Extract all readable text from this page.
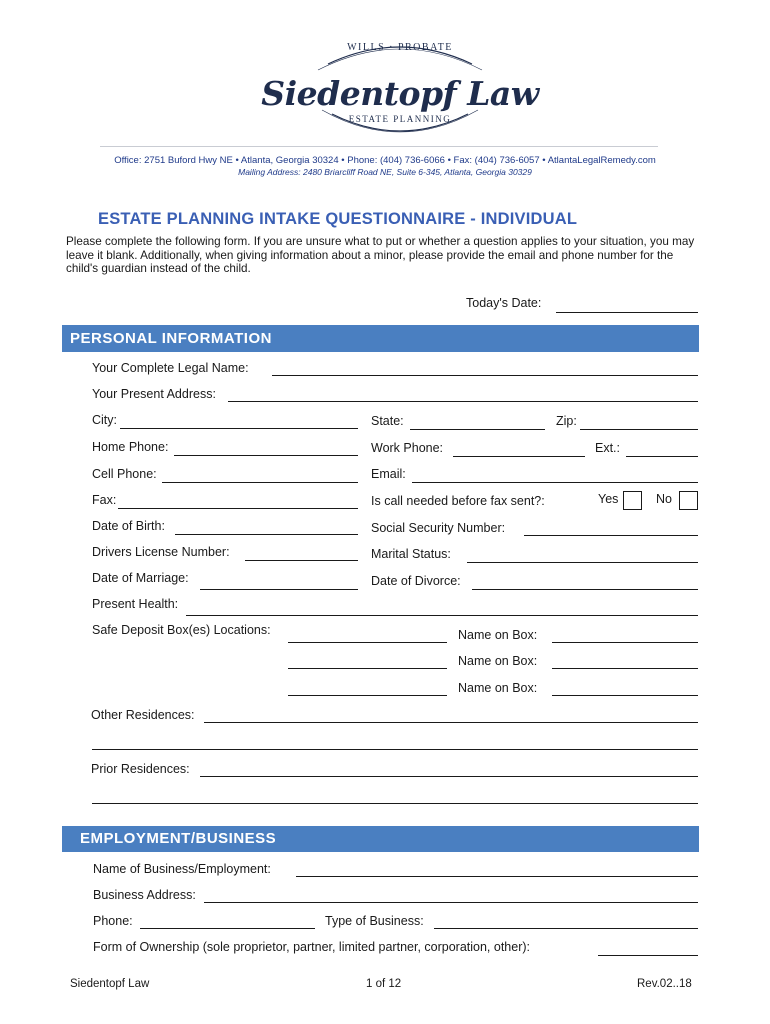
WILLS · PROBATE
Siedentopf Law
ESTATE PLANNING
Office: 2751 Buford Hwy NE • Atlanta, Georgia 30324 • Phone: (404) 736-6066 • Fax: (404) 736-6057 • AtlantaLegalRemedy.com
Mailing Address: 2480 Briarcliff Road NE, Suite 6-345, Atlanta, Georgia 30329
ESTATE PLANNING INTAKE QUESTIONNAIRE - INDIVIDUAL
Please complete the following form. If you are unsure what to put or whether a question applies to your situation, you may leave it blank. Additionally, when giving information about a minor, please provide the email and phone number for the child's guardian instead of the child.
Today's Date:
PERSONAL INFORMATION
Your Complete Legal Name:
Your Present Address:
City:	State:	Zip:
Home Phone:	Work Phone:	Ext.:
Cell Phone:	Email:
Fax:	Is call needed before fax sent?:	Yes	No
Date of Birth:	Social Security Number:
Drivers License Number:	Marital Status:
Date of Marriage:	Date of Divorce:
Present Health:
Safe Deposit Box(es) Locations:	Name on Box:
Name on Box:
Name on Box:
Other Residences:
Prior Residences:
EMPLOYMENT/BUSINESS
Name of Business/Employment:
Business Address:
Phone:	Type of Business:
Form of Ownership (sole proprietor, partner, limited partner, corporation, other):
Siedentopf Law	1 of 12	Rev.02..18
